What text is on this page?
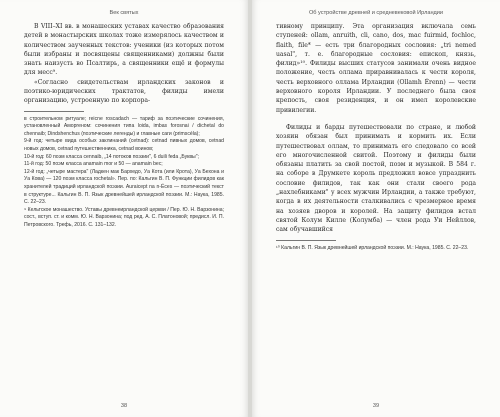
Век святых

В VIII–XI вв. в монашеских уставах качество образования детей в монастырских школах тоже измерялось качеством и количеством заученных текстов: ученики (из которых потом были избраны и посвящены священниками) должны были знать наизусть во Псалтирь, а священники ещё и формулы для месс⁹.

«Согласно свидетельствам ирландских законов и поэтико-юридических трактатов, филиды имели организацию, устроенную по корпора-

в строительном ритуале; reicne roscadach — тариф за поэтические сочинения, установленный Аморгеном: сочинения типа loida, imbas forosnai / dichetal do chennaib; Dindshenchus (поэтические легенды) и главные саги (primscéla);

9-й год: четыре вида особых заклинаний (cetnad): cetnad пивных домов, cetnad новых домов, cetnad путешественника, cetnad воинов;

10-й год: 60 поэм класса cennaib, „14 потоков поэзии", 6 duili feda „Буквы";

11-й год: 50 поэм класса anamain mor и 50 — anamain bec;

12-й год: „четыре мастера" (Ладкен мак Бархедо, Уа Кота (или Крота), Уа Бехона и Уа Кова) — 120 поэм класса rochetal». Пер. по: Кальгин В. П. Функции филидов как хранителей традиций ирландской поэзии. Auraicept na n-Éces — поэтический текст в структуре... Кальгин В. П. Язык древнейшей ирландской поэзии. М.: Наука, 1985. С. 22–23.

⁹ Кельтское монашество. Уставы древнеирландской церкви / Пер. Ю. Н. Варзонина; сост., вступ. ст. и комм. Ю. Н. Варзонина; под ред. А. С. Платоновой; предисл. И. П. Петровского. Трефь, 2016. С. 131–132.

38
Об устройстве древней и средневековой Ирландии

тивному принципу. Эта организация включала семь ступеней: ollam, anruith, cli, cano, dos, mac fuirmid, fochloc, flaith, file* — есть три благородных сословия: „tri nemed uasal", т. е. благородные сословия: епископ, князь, филид»¹⁰. Филиды высших статусов занимали очень видное положение, честь оллама приравнивалась к чести короля, честь верховного оллама Ирландии (Ollamh Érenn) — чести верховного короля Ирландии. У последнего была своя крепость, своя резиденция, и он имел королевские привилегии.

Филиды и барды путешествовали по стране, и любой хозяин обязан был принимать и кормить их. Если путешествовал оллам, то принимать его следовало со всей его многочисленной свитой. Поэтому и филиды были обязаны платить за свой постой, поэм и музыкой. В 584 г. на соборе в Друмкете король предложил вовсе упразднить сословие филидов, так как они стали своего рода „нахлебниками" у всех мужчин Ирландии, а также требуют, когда в их деятельности сталкивались с чрезмерное время на хозяев дворов и королей. На защиту филидов встал святой Колум Килле (Колумба) — член рода Уи Нейллов, сам обучавшийся

¹⁰ Кальгин В. П. Язык древнейшей ирландской поэзии. М.: Наука, 1985. С. 22–23.

39
